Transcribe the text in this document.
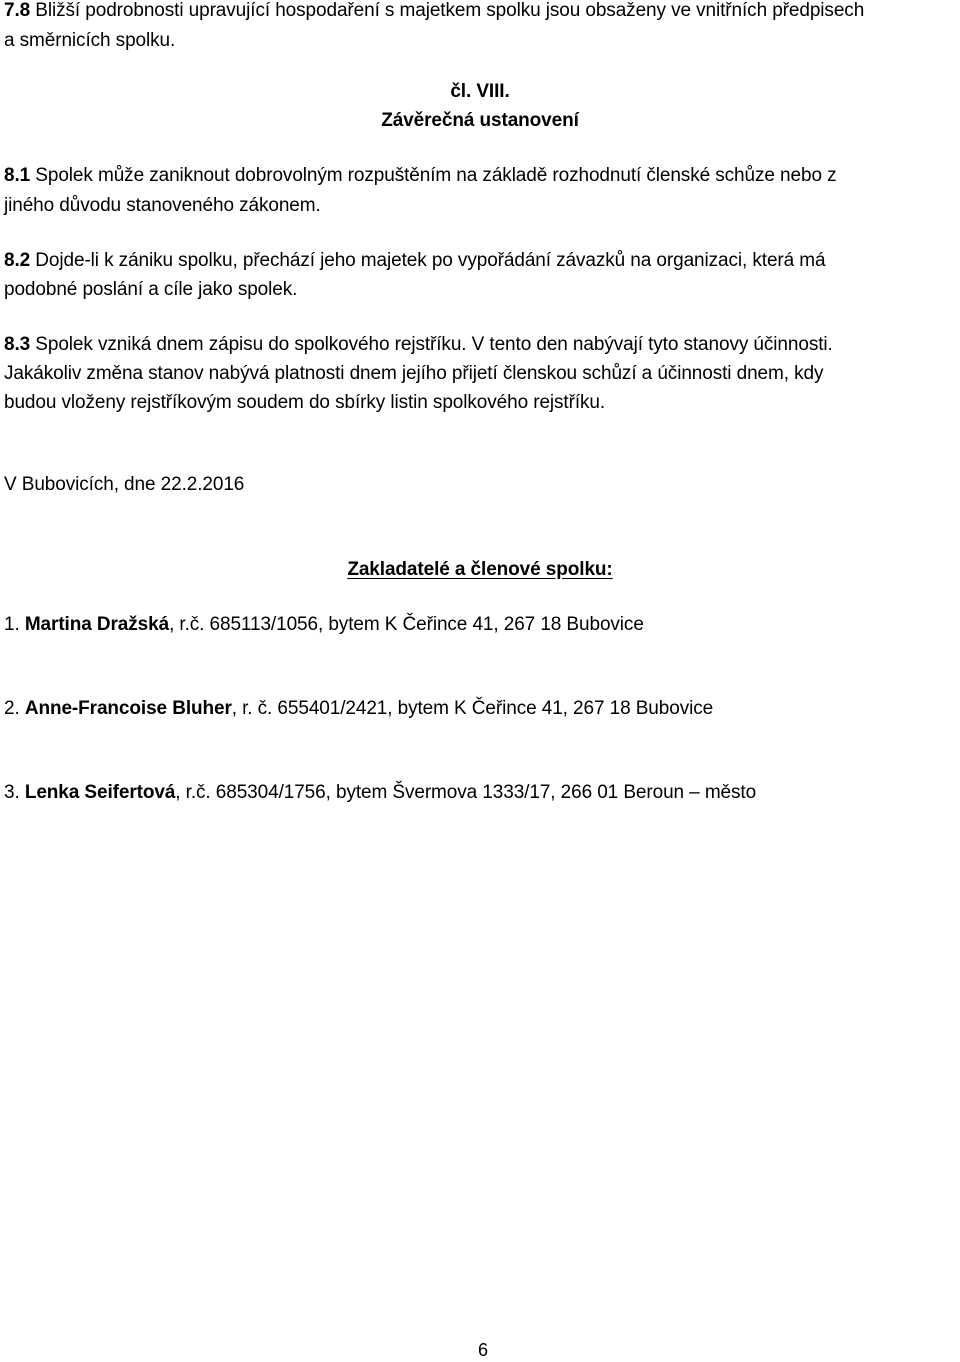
7.8 Bližší podrobnosti upravující hospodaření s majetkem spolku jsou obsaženy ve vnitřních předpisech
a směrnicích spolku.
čl. VIII.
Závěrečná ustanovení
8.1 Spolek může zaniknout dobrovolným rozpuštěním na základě rozhodnutí členské schůze nebo z
jiného důvodu stanoveného zákonem.
8.2 Dojde-li k zániku spolku, přechází jeho majetek po vypořádání závazků na organizaci, která má
podobné poslání a cíle jako spolek.
8.3 Spolek vzniká dnem zápisu do spolkového rejstříku. V tento den nabývají tyto stanovy účinnosti.
Jakákoliv změna stanov nabývá platnosti dnem jejího přijetí členskou schůzí a účinnosti dnem, kdy
budou vloženy rejstříkovým soudem do sbírky listin spolkového rejstříku.
V Bubovicích, dne 22.2.2016
Zakladatelé a členové spolku:
1. Martina Dražská, r.č. 685113/1056, bytem K Čeřince 41, 267 18 Bubovice
2. Anne-Francoise Bluher, r. č. 655401/2421, bytem K Čeřince 41, 267 18 Bubovice
3. Lenka Seifertová, r.č. 685304/1756, bytem Švermova 1333/17, 266 01 Beroun – město
6
